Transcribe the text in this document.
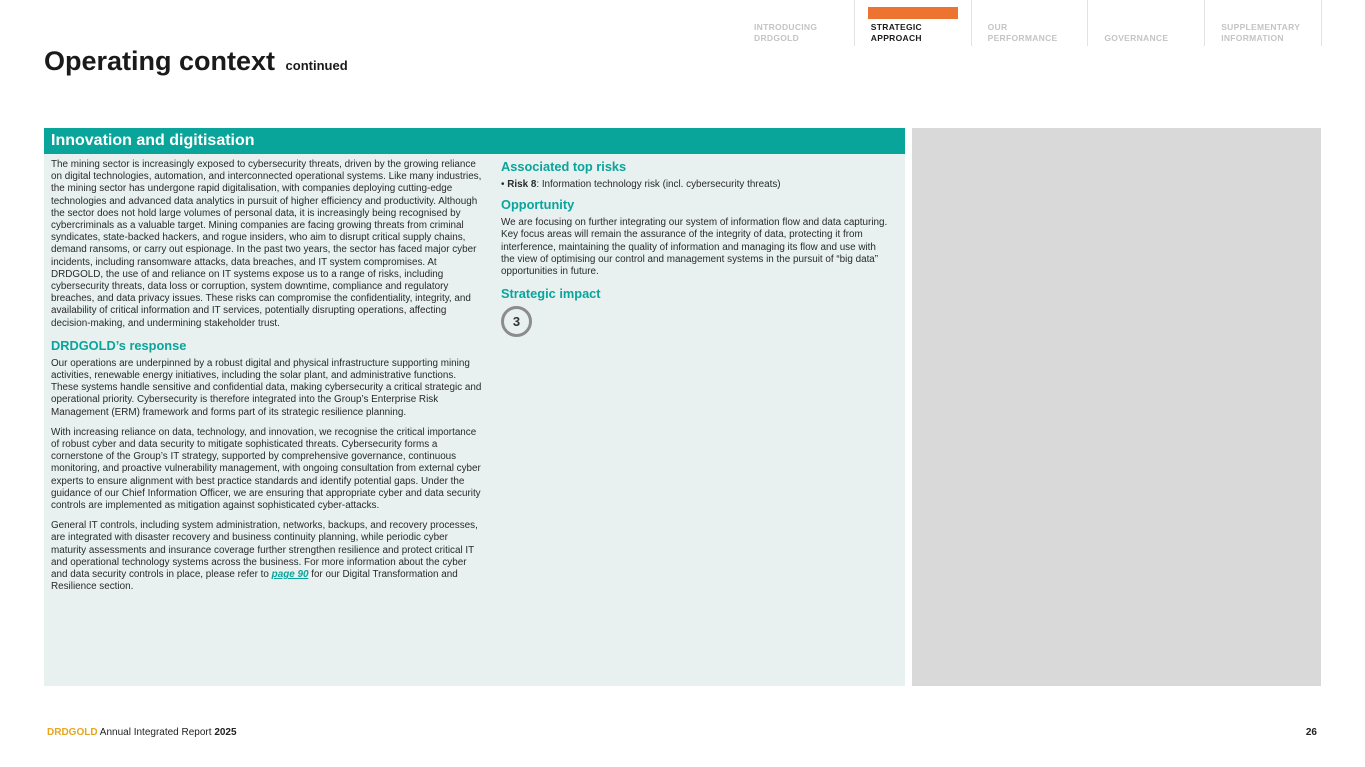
INTRODUCING
DRDGOLD
STRATEGIC
APPROACH
OUR
PERFORMANCE	
GOVERNANCE
SUPPLEMENTARY
INFORMATION
Operating context continued
Innovation and digitisation

The mining sector is increasingly exposed to cybersecurity threats, driven by the growing reliance on digital technologies, automation, and interconnected operational systems. Like many industries, the mining sector has undergone rapid digitalisation, with companies deploying cutting-edge technologies and advanced data analytics in pursuit of higher efficiency and productivity. Although the sector does not hold large volumes of personal data, it is increasingly being recognised by cybercriminals as a valuable target. Mining companies are facing growing threats from criminal syndicates, state-backed hackers, and rogue insiders, who aim to disrupt critical supply chains, demand ransoms, or carry out espionage. In the past two years, the sector has faced major cyber incidents, including ransomware attacks, data breaches, and IT system compromises. At DRDGOLD, the use of and reliance on IT systems expose us to a range of risks, including cybersecurity threats, data loss or corruption, system downtime, compliance and regulatory breaches, and data privacy issues. These risks can compromise the confidentiality, integrity, and availability of critical information and IT services, potentially disrupting operations, affecting decision-making, and undermining stakeholder trust.

DRDGOLD’s response

Our operations are underpinned by a robust digital and physical infrastructure supporting mining activities, renewable energy initiatives, including the solar plant, and administrative functions. These systems handle sensitive and confidential data, making cybersecurity a critical strategic and operational priority. Cybersecurity is therefore integrated into the Group’s Enterprise Risk Management (ERM) framework and forms part of its strategic resilience planning.

With increasing reliance on data, technology, and innovation, we recognise the critical importance of robust cyber and data security to mitigate sophisticated threats. Cybersecurity forms a cornerstone of the Group’s IT strategy, supported by comprehensive governance, continuous monitoring, and proactive vulnerability management, with ongoing consultation from external cyber experts to ensure alignment with best practice standards and identify potential gaps. Under the guidance of our Chief Information Officer, we are ensuring that appropriate cyber and data security controls are implemented as mitigation against sophisticated cyber-attacks.

General IT controls, including system administration, networks, backups, and recovery processes, are integrated with disaster recovery and business continuity planning, while periodic cyber maturity assessments and insurance coverage further strengthen resilience and protect critical IT and operational technology systems across the business. For more information about the cyber and data security controls in place, please refer to page 90 for our Digital Transformation and Resilience section.

Associated top risks
• Risk 8: Information technology risk (incl. cybersecurity threats)
Opportunity

We are focusing on further integrating our system of information flow and data capturing. Key focus areas will remain the assurance of the integrity of data, protecting it from interference, maintaining the quality of information and managing its flow and use with the view of optimising our control and management systems in the pursuit of “big data” opportunities in future.

Strategic impact
3
DRDGOLD Annual Integrated Report 2025	26
